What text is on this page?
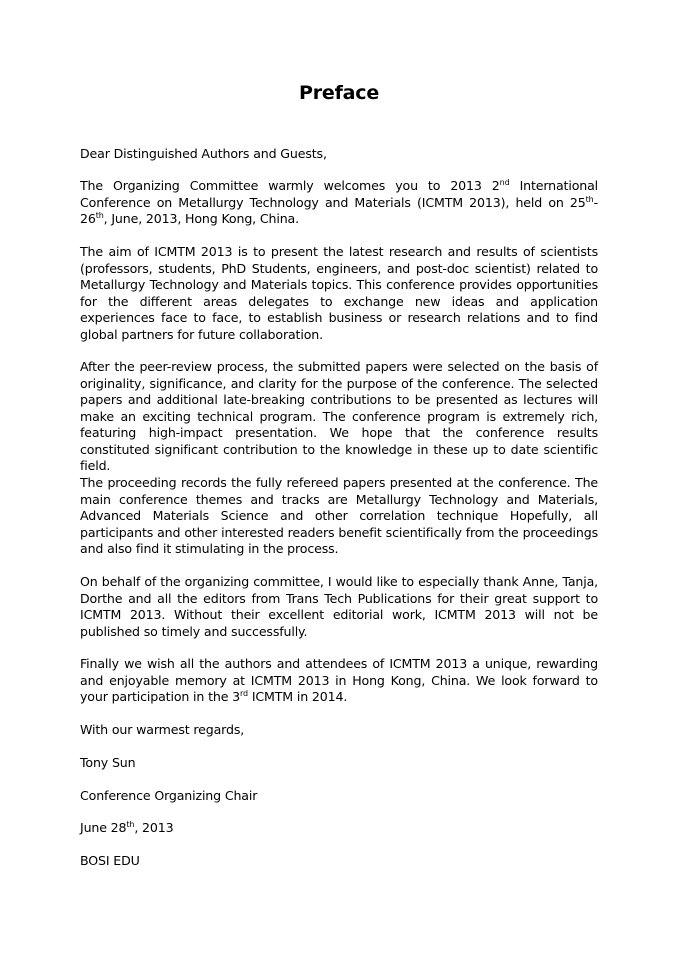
Preface
Dear Distinguished Authors and Guests,
The Organizing Committee warmly welcomes you to 2013 2nd International Conference on Metallurgy Technology and Materials (ICMTM 2013), held on 25th-26th, June, 2013, Hong Kong, China.
The aim of ICMTM 2013 is to present the latest research and results of scientists (professors, students, PhD Students, engineers, and post-doc scientist) related to Metallurgy Technology and Materials topics. This conference provides opportunities for the different areas delegates to exchange new ideas and application experiences face to face, to establish business or research relations and to find global partners for future collaboration.
After the peer-review process, the submitted papers were selected on the basis of originality, significance, and clarity for the purpose of the conference. The selected papers and additional late-breaking contributions to be presented as lectures will make an exciting technical program. The conference program is extremely rich, featuring high-impact presentation. We hope that the conference results constituted significant contribution to the knowledge in these up to date scientific field.
The proceeding records the fully refereed papers presented at the conference. The main conference themes and tracks are Metallurgy Technology and Materials, Advanced Materials Science and other correlation technique Hopefully, all participants and other interested readers benefit scientifically from the proceedings and also find it stimulating in the process.
On behalf of the organizing committee, I would like to especially thank Anne, Tanja, Dorthe and all the editors from Trans Tech Publications for their great support to ICMTM 2013. Without their excellent editorial work, ICMTM 2013 will not be published so timely and successfully.
Finally we wish all the authors and attendees of ICMTM 2013 a unique, rewarding and enjoyable memory at ICMTM 2013 in Hong Kong, China. We look forward to your participation in the 3rd ICMTM in 2014.
With our warmest regards,
Tony Sun
Conference Organizing Chair
June 28th, 2013
BOSI EDU
